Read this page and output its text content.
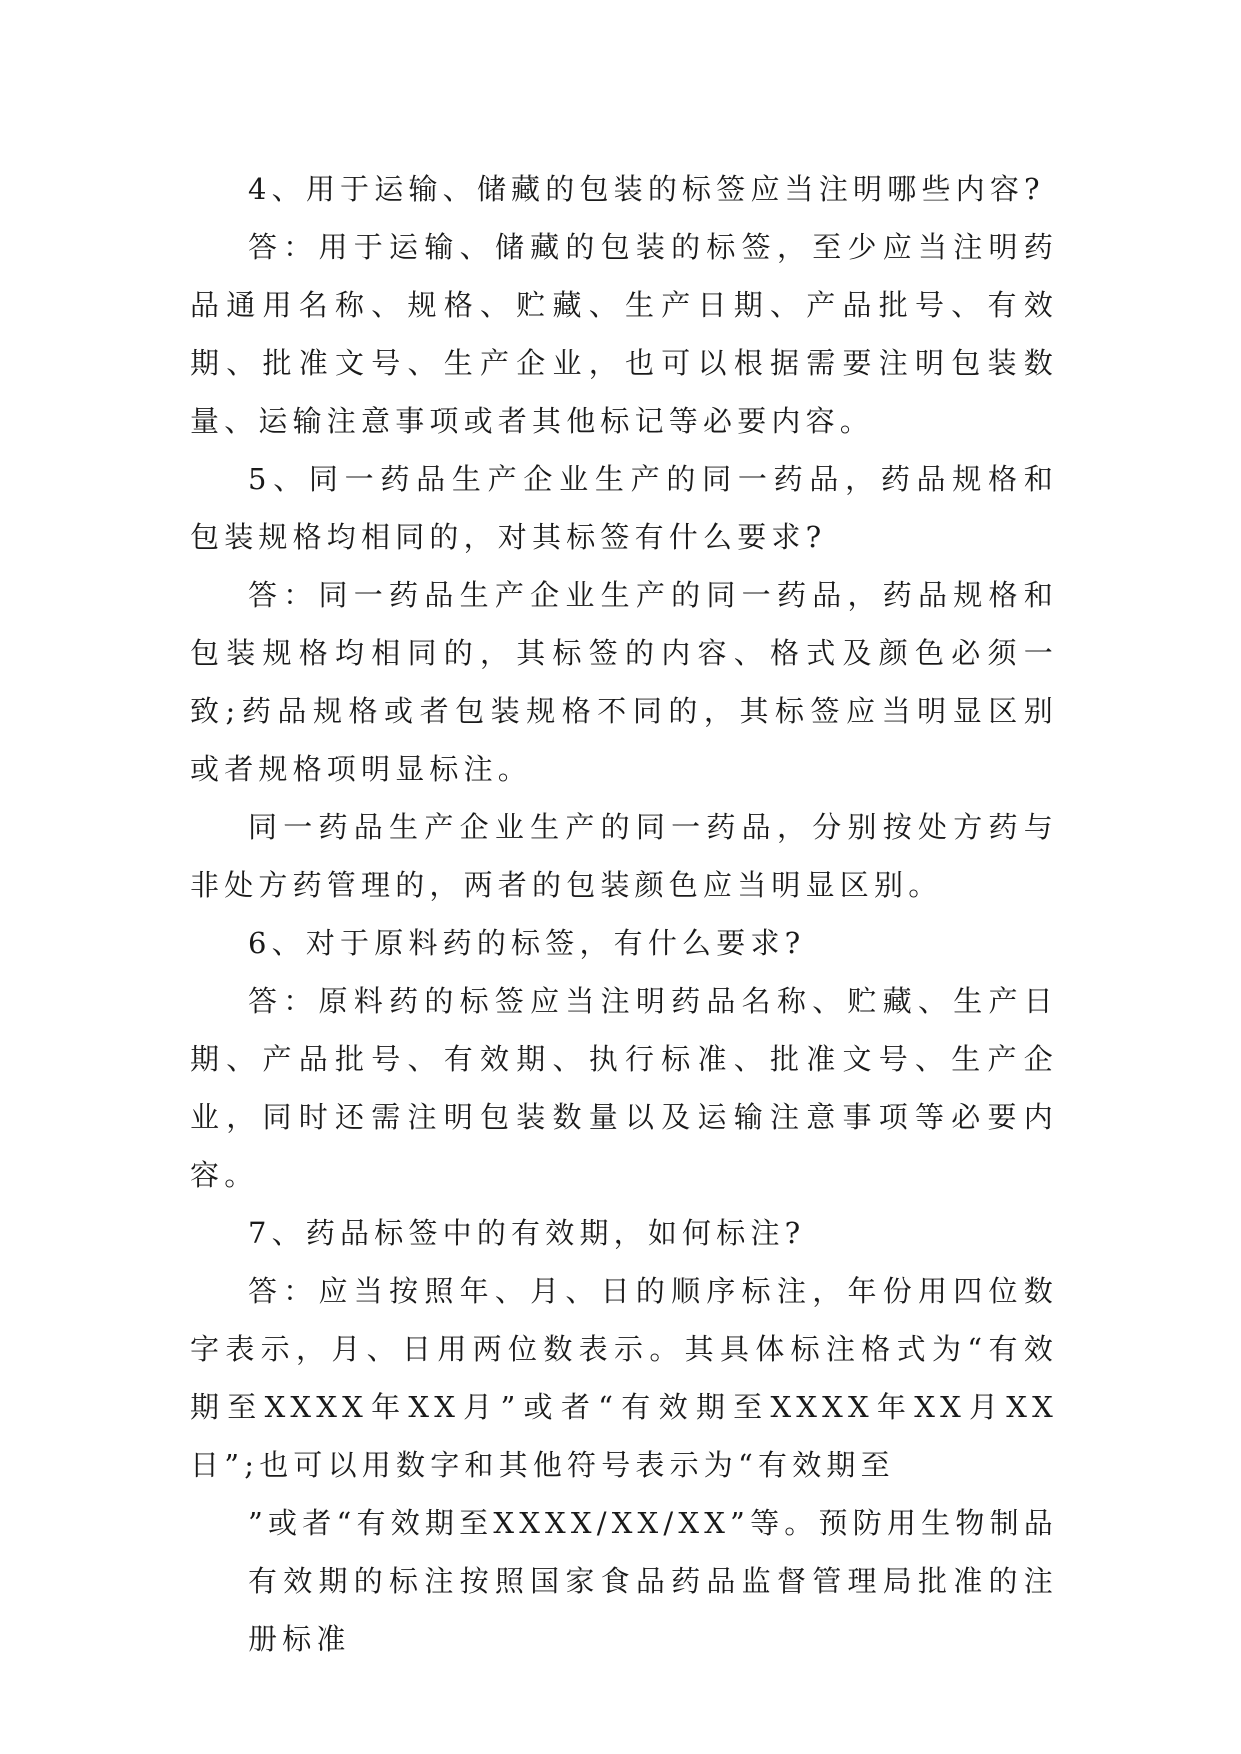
4、用于运输、储藏的包装的标签应当注明哪些内容?

答：用于运输、储藏的包装的标签，至少应当注明药品通用名称、规格、贮藏、生产日期、产品批号、有效期、批准文号、生产企业，也可以根据需要注明包装数量、运输注意事项或者其他标记等必要内容。

5、同一药品生产企业生产的同一药品，药品规格和包装规格均相同的，对其标签有什么要求?

答：同一药品生产企业生产的同一药品，药品规格和包装规格均相同的，其标签的内容、格式及颜色必须一致;药品规格或者包装规格不同的，其标签应当明显区别或者规格项明显标注。

同一药品生产企业生产的同一药品，分别按处方药与非处方药管理的，两者的包装颜色应当明显区别。

6、对于原料药的标签，有什么要求?

答：原料药的标签应当注明药品名称、贮藏、生产日期、产品批号、有效期、执行标准、批准文号、生产企业，同时还需注明包装数量以及运输注意事项等必要内容。

7、药品标签中的有效期，如何标注?

答：应当按照年、月、日的顺序标注，年份用四位数字表示，月、日用两位数表示。其具体标注格式为“有效期至XXXX年XX月”或者“有效期至XXXX年XX月XX日”;也可以用数字和其他符号表示为“有效期至

”或者“有效期至XXXX/XX/XX”等。预防用生物制品有效期的标注按照国家食品药品监督管理局批准的注册标准
